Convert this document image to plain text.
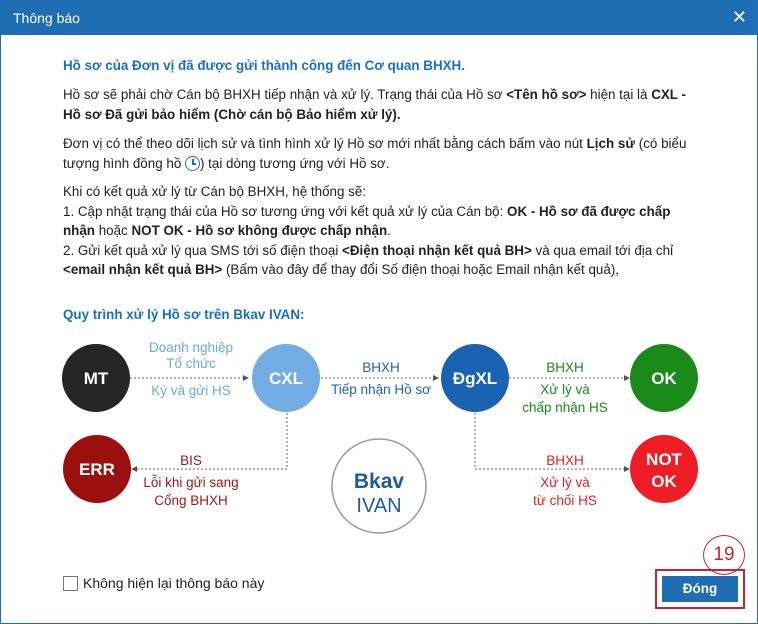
Thông báo	✕
Hồ sơ của Đơn vị đã được gửi thành công đến Cơ quan BHXH.
Hồ sơ sẽ phải chờ Cán bộ BHXH tiếp nhận và xử lý. Trạng thái của Hồ sơ <Tên hồ sơ> hiện tại là CXL - Hồ sơ Đã gửi bảo hiểm (Chờ cán bộ Bảo hiểm xử lý).
Đơn vị có thể theo dõi lịch sử và tình hình xử lý Hồ sơ mới nhất bằng cách bấm vào nút Lịch sử (có biểu tượng hình đồng hồ ) tại dòng tương ứng với Hồ sơ.
Khi có kết quả xử lý từ Cán bộ BHXH, hệ thống sẽ:
1. Cập nhật trạng thái của Hồ sơ tương ứng với kết quả xử lý của Cán bộ: OK - Hồ sơ đã được chấp nhận hoặc NOT OK - Hồ sơ không được chấp nhận.
2. Gửi kết quả xử lý qua SMS tới số điện thoại <Điện thoại nhận kết quả BH> và qua email tới địa chỉ <email nhận kết quả BH> (Bấm vào đây để thay đổi Số điện thoại hoặc Email nhận kết quả),
Quy trình xử lý Hồ sơ trên Bkav IVAN:
MT	CXL	ĐgXL	OK
ERR
NOT
OK
Doanh nghiệp
Tổ chức
Ký và gửi HS
BHXH
Tiếp nhận Hồ sơ
BHXH
Xử lý và
chấp nhận HS
BIS
Lỗi khi gửi sang
Cổng BHXH
BHXH
Xử lý và
từ chối HS
Bkav
IVAN
Không hiện lại thông báo này
19
Đóng
